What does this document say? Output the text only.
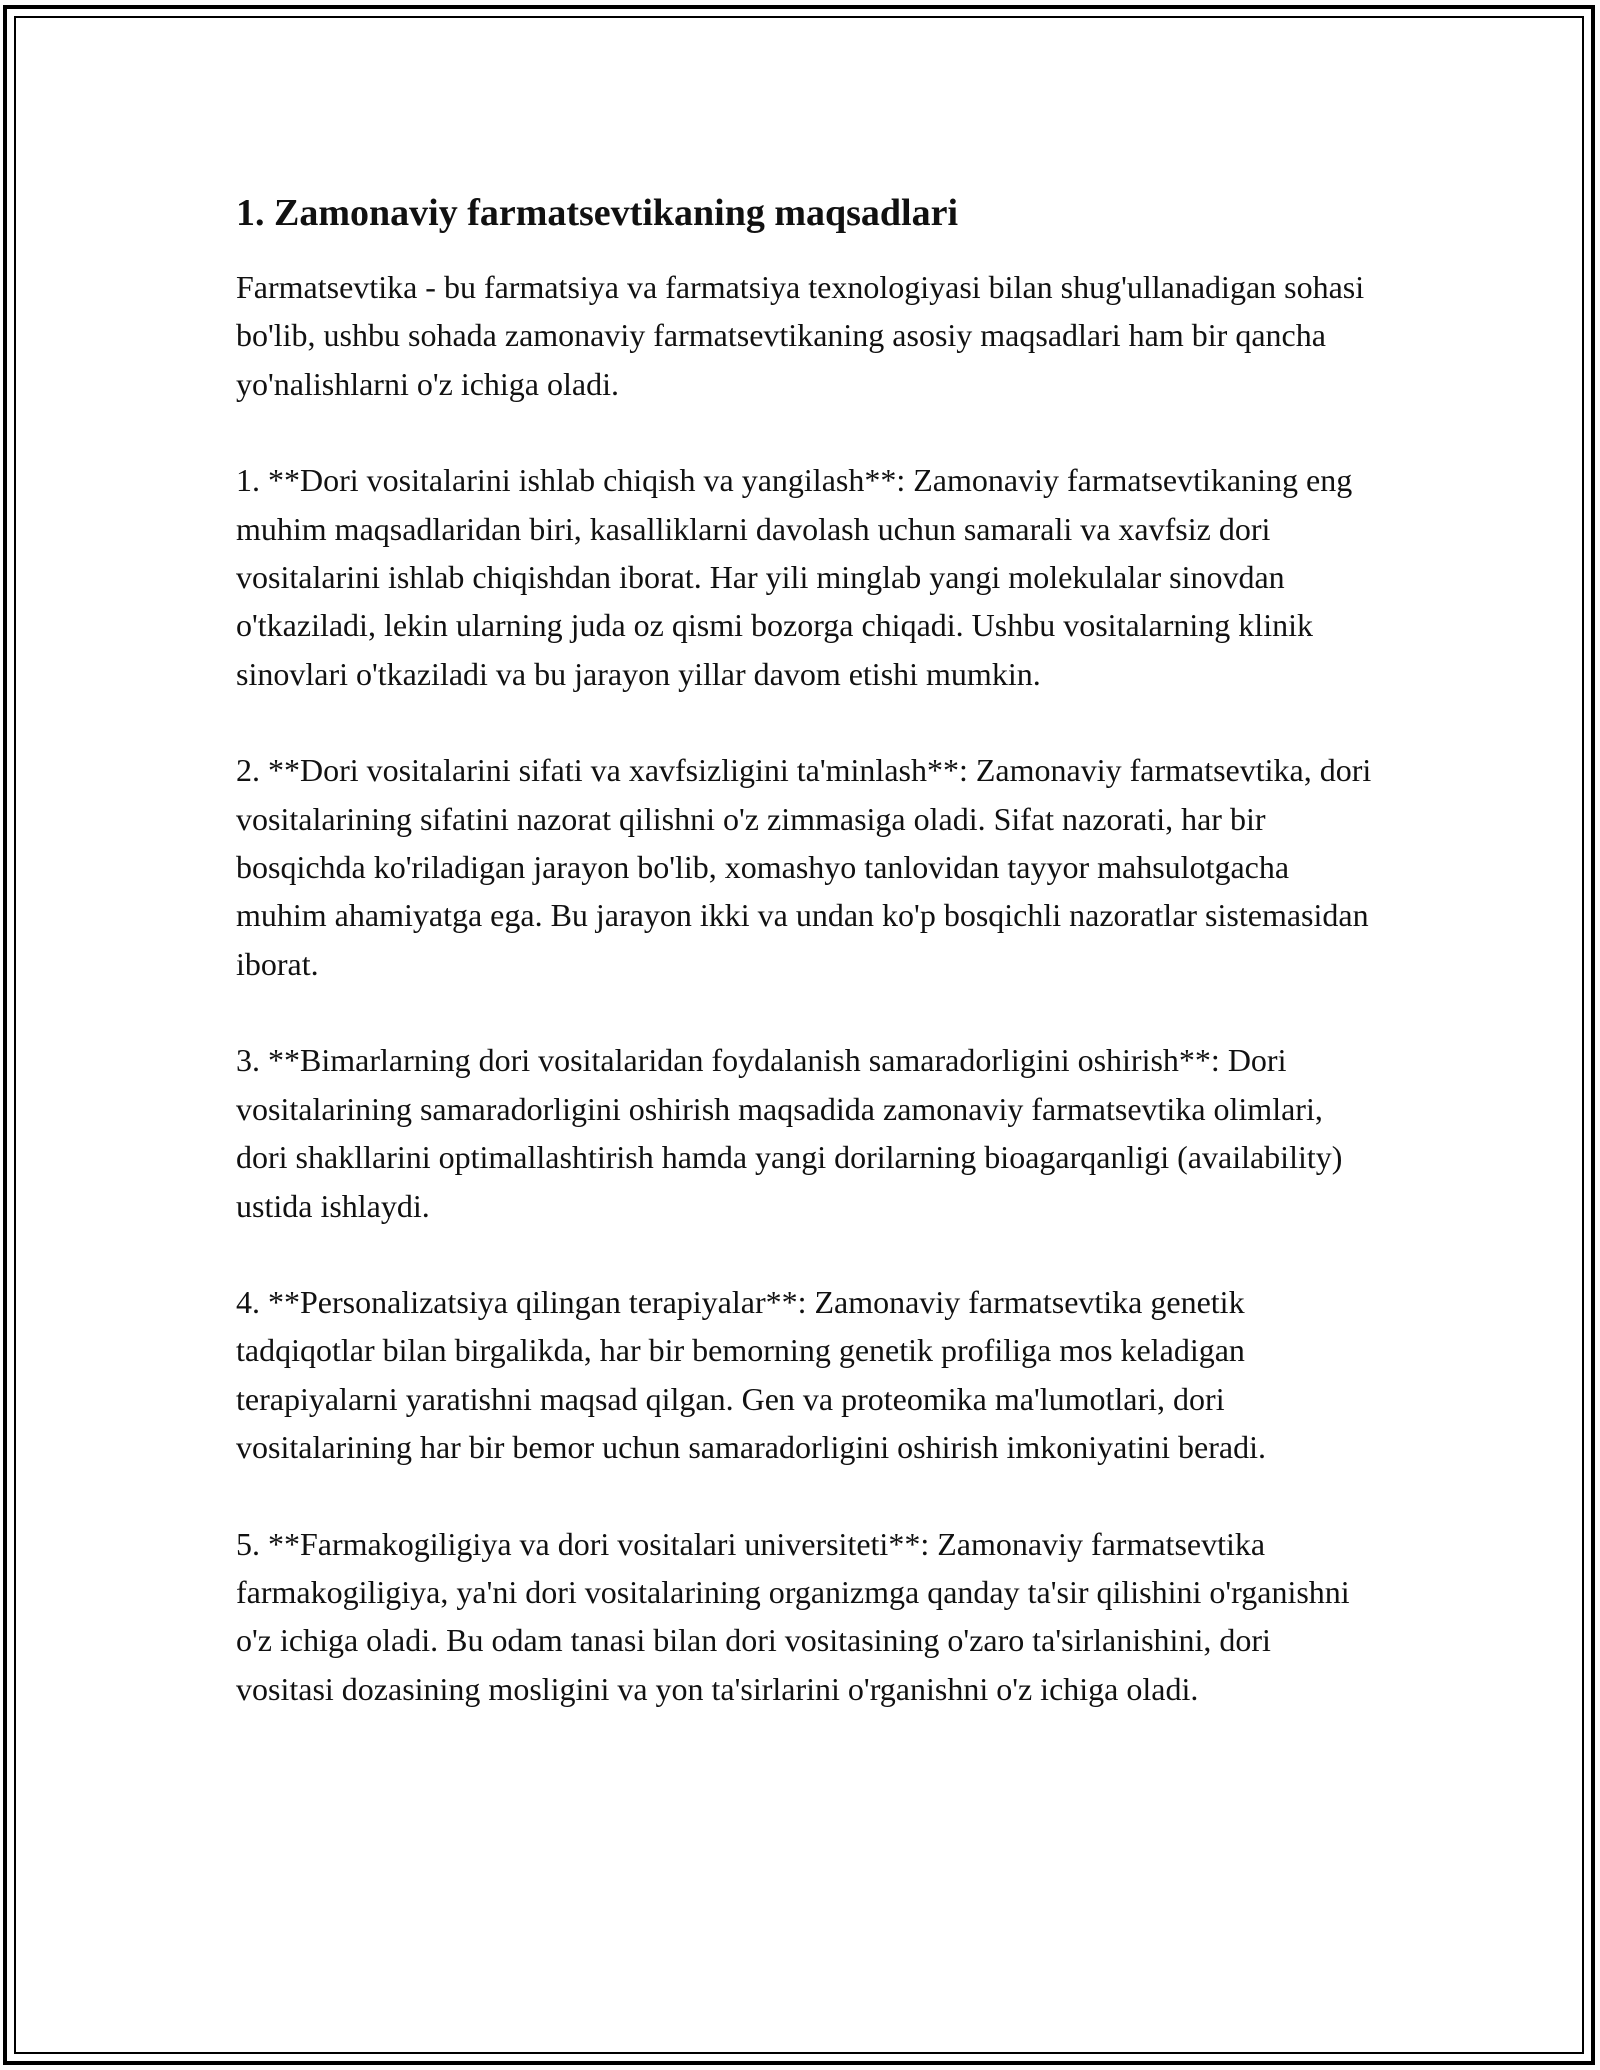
1. Zamonaviy farmatsevtikaning maqsadlari

Farmatsevtika - bu farmatsiya va farmatsiya texnologiyasi bilan shug'ullanadigan sohasi bo'lib, ushbu sohada zamonaviy farmatsevtikaning asosiy maqsadlari ham bir qancha yo'nalishlarni o'z ichiga oladi.

1. **Dori vositalarini ishlab chiqish va yangilash**: Zamonaviy farmatsevtikaning eng muhim maqsadlaridan biri, kasalliklarni davolash uchun samarali va xavfsiz dori vositalarini ishlab chiqishdan iborat. Har yili minglab yangi molekulalar sinovdan o'tkaziladi, lekin ularning juda oz qismi bozorga chiqadi. Ushbu vositalarning klinik sinovlari o'tkaziladi va bu jarayon yillar davom etishi mumkin.

2. **Dori vositalarini sifati va xavfsizligini ta'minlash**: Zamonaviy farmatsevtika, dori vositalarining sifatini nazorat qilishni o'z zimmasiga oladi. Sifat nazorati, har bir bosqichda ko'riladigan jarayon bo'lib, xomashyo tanlovidan tayyor mahsulotgacha muhim ahamiyatga ega. Bu jarayon ikki va undan ko'p bosqichli nazoratlar sistemasidan iborat.

3. **Bimarlarning dori vositalaridan foydalanish samaradorligini oshirish**: Dori vositalarining samaradorligini oshirish maqsadida zamonaviy farmatsevtika olimlari, dori shakllarini optimallashtirish hamda yangi dorilarning bioagarqanligi (availability) ustida ishlaydi.

4. **Personalizatsiya qilingan terapiyalar**: Zamonaviy farmatsevtika genetik tadqiqotlar bilan birgalikda, har bir bemorning genetik profiliga mos keladigan terapiyalarni yaratishni maqsad qilgan. Gen va proteomika ma'lumotlari, dori vositalarining har bir bemor uchun samaradorligini oshirish imkoniyatini beradi.

5. **Farmakogiligiya va dori vositalari universiteti**: Zamonaviy farmatsevtika farmakogiligiya, ya'ni dori vositalarining organizmga qanday ta'sir qilishini o'rganishni o'z ichiga oladi. Bu odam tanasi bilan dori vositasining o'zaro ta'sirlanishini, dori vositasi dozasining mosligini va yon ta'sirlarini o'rganishni o'z ichiga oladi.
